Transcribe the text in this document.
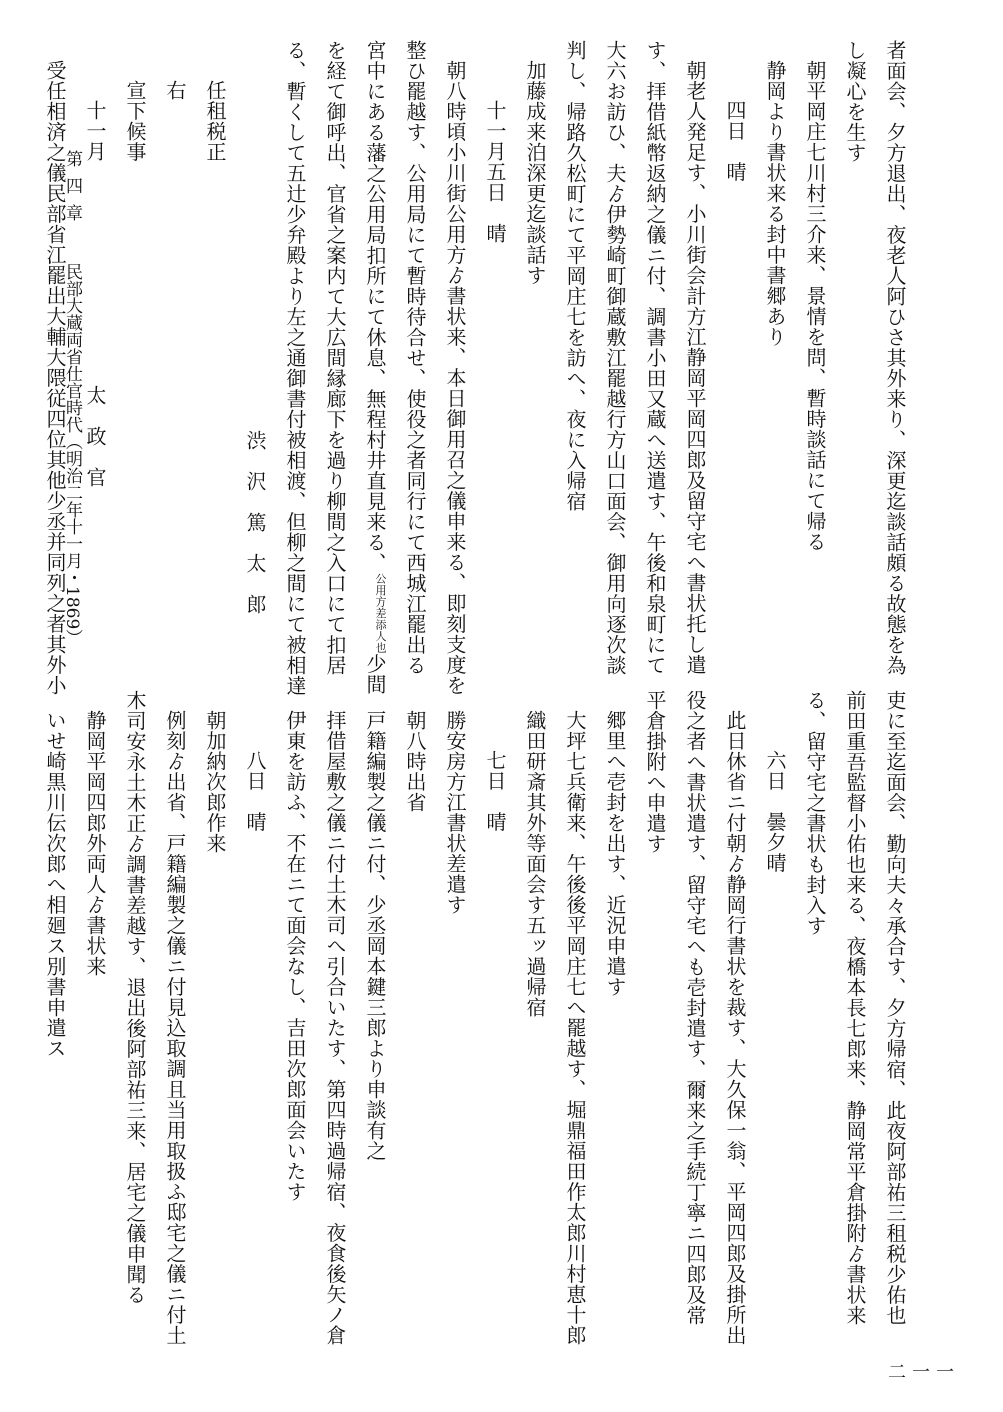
者面会、夕方退出、夜老人阿ひさ其外来り、深更迄談話頗る故態を為
し凝心を生す
朝平岡庄七川村三介来、景情を問、暫時談話にて帰る
静岡より書状来る封中書郷あり
四日　晴
朝老人発足す、小川街会計方江静岡平岡四郎及留守宅へ書状托し遣
す、拝借紙幣返納之儀ニ付、調書小田又蔵へ送遣す、午後和泉町にて
大六お訪ひ、夫ゟ伊勢崎町御蔵敷江罷越行方山口面会、御用向逐次談
判し、帰路久松町にて平岡庄七を訪へ、夜に入帰宿
加藤成来泊深更迄談話す
十一月五日　晴
朝八時頃小川街公用方ゟ書状来、本日御用召之儀申来る、即刻支度を
整ひ罷越す、公用局にて暫時待合せ、使役之者同行にて西城江罷出る
宮中にある藩之公用局扣所にて休息、無程村井直見来る、公用方差添人也少間
を経て御呼出、官省之案内て大広間縁廊下を過り柳間之入口にて扣居
る、暫くして五辻少弁殿より左之通御書付被相渡、但柳之間にて被相達
渋　沢　篤　太　郎
任租税正
右
宣下候事
十一月
太　政　官
受任相済之儀民部省江罷出大輔大隈従四位其他少丞并同列之者其外小
吏に至迄面会、勤向夫々承合す、夕方帰宿、此夜阿部祐三租税少佑也
前田重吾監督小佑也来る、夜橋本長七郎来、静岡常平倉掛附ゟ書状来
る、留守宅之書状も封入す
六日　曇夕晴
此日休省ニ付朝ゟ静岡行書状を裁す、大久保一翁、平岡四郎及掛所出
役之者へ書状遣す、留守宅へも壱封遣す、爾来之手続丁寧ニ四郎及常
平倉掛附へ申遣す
郷里へ壱封を出す、近況申遣す
大坪七兵衛来、午後後平岡庄七へ罷越す、堀鼎福田作太郎川村恵十郎
織田研斎其外等面会す五ッ過帰宿
七日　晴
勝安房方江書状差遣す
朝八時出省
戸籍編製之儀ニ付、少丞岡本鍵三郎より申談有之
拝借屋敷之儀ニ付土木司へ引合いたす、第四時過帰宿、夜食後矢ノ倉
伊東を訪ふ、不在ニて面会なし、吉田次郎面会いたす
八日　晴
朝加納次郎作来
例刻ゟ出省、戸籍編製之儀ニ付見込取調且当用取扱ふ邸宅之儀ニ付土
木司安永土木正ゟ調書差越す、退出後阿部祐三来、居宅之儀申聞る
静岡平岡四郎外両人ゟ書状来
いせ崎黒川伝次郎へ相廻ス別書申遣ス
第四章民部大蔵両省仕官時代（明治二年十一月・1869）
二一一
